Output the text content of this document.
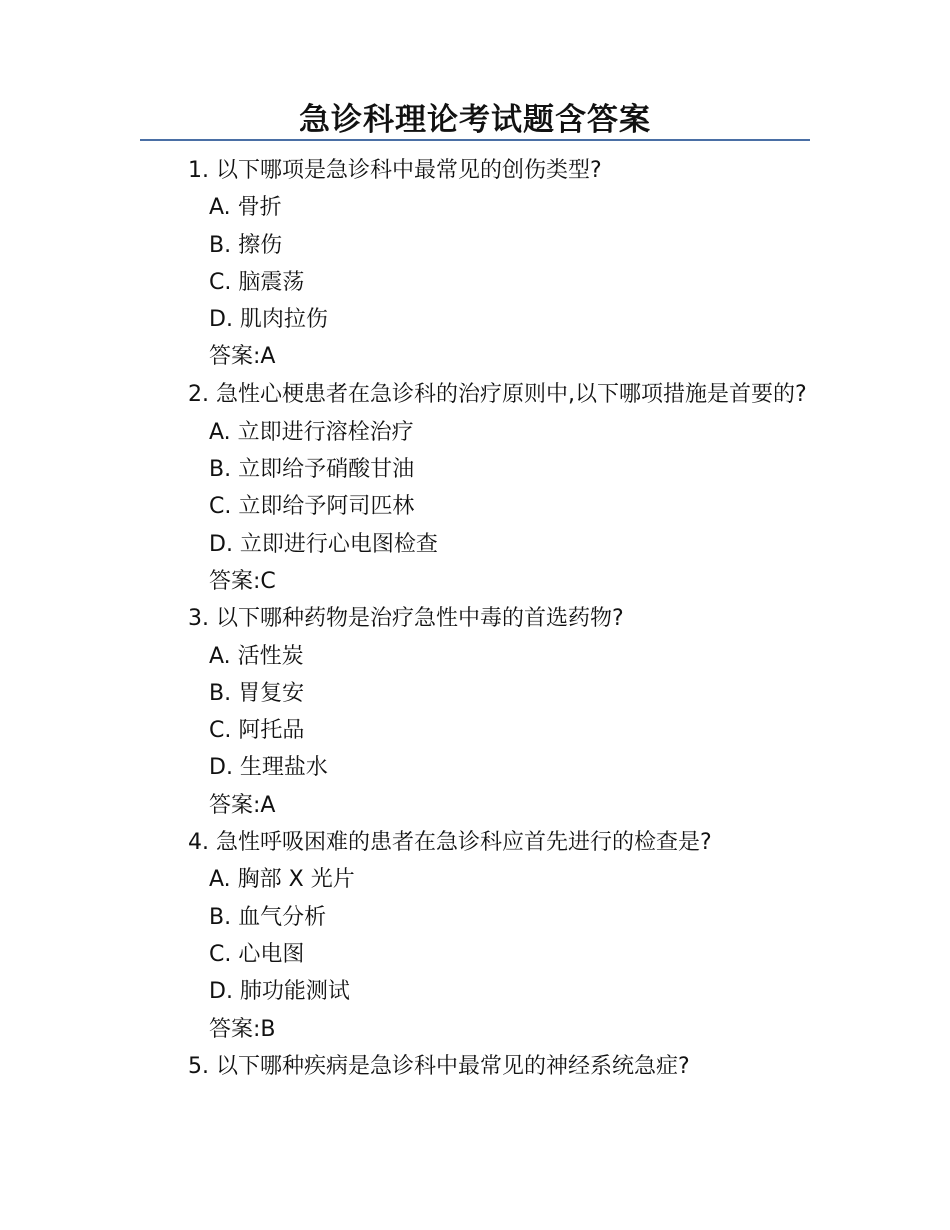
急诊科理论考试题含答案
1. 以下哪项是急诊科中最常见的创伤类型?
A. 骨折
B. 擦伤
C. 脑震荡
D. 肌肉拉伤
答案:A
2. 急性心梗患者在急诊科的治疗原则中,以下哪项措施是首要的?
A. 立即进行溶栓治疗
B. 立即给予硝酸甘油
C. 立即给予阿司匹林
D. 立即进行心电图检查
答案:C
3. 以下哪种药物是治疗急性中毒的首选药物?
A. 活性炭
B. 胃复安
C. 阿托品
D. 生理盐水
答案:A
4. 急性呼吸困难的患者在急诊科应首先进行的检查是?
A. 胸部 X 光片
B. 血气分析
C. 心电图
D. 肺功能测试
答案:B
5. 以下哪种疾病是急诊科中最常见的神经系统急症?
